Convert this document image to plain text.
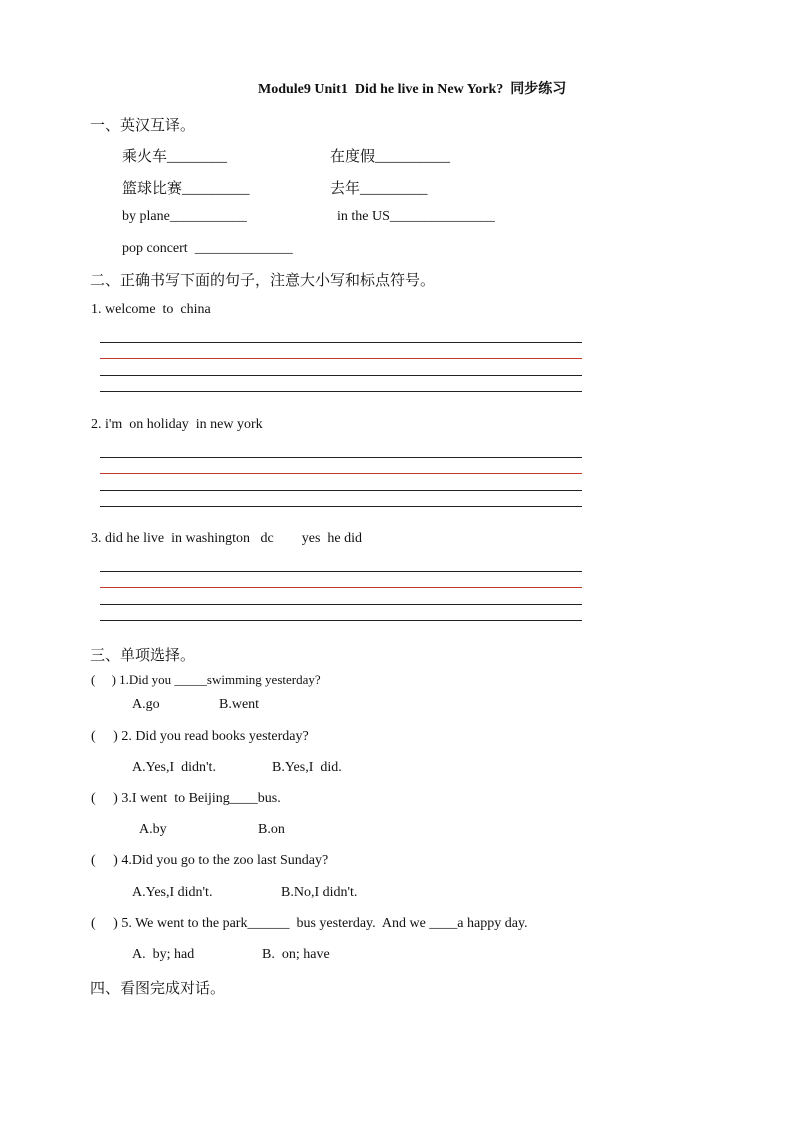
Module9 Unit1  Did he live in New York?  同步练习
一、英汉互译。
乘火车________	在度假__________
篮球比赛_________	去年_________
by plane___________	in the US_______________
pop concert  ______________
二、正确书写下面的句子，注意大小写和标点符号。
1. welcome  to  china
2. i'm  on holiday  in new york
3. did he live  in washington   dc        yes  he did
三、单项选择。
(     ) 1.Did you _____swimming yesterday?
A.go	B.went
(     ) 2. Did you read books yesterday?
A.Yes,I  didn't.	B.Yes,I  did.
(     ) 3.I went  to Beijing____bus.
A.by	B.on
(     ) 4.Did you go to the zoo last Sunday?
A.Yes,I didn't.	B.No,I didn't.
(     ) 5. We went to the park______  bus yesterday.  And we ____a happy day.
A.  by; had	B.  on; have
四、看图完成对话。
